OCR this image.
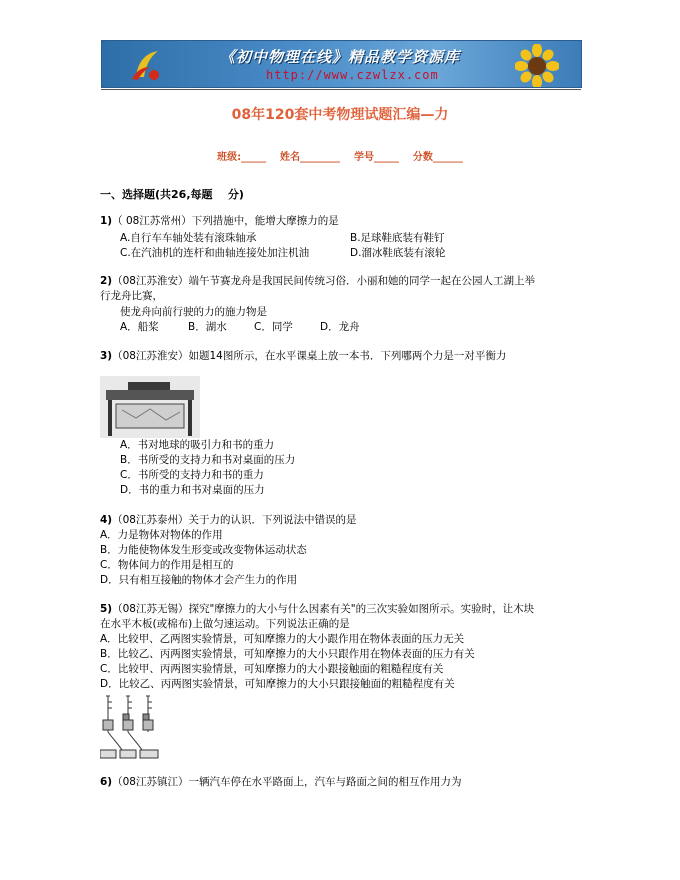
《初中物理在线》精品教学资源库
http://www.czwlzx.com
08年120套中考物理试题汇编—力
班级:_____    姓名________    学号_____    分数______
一、选择题(共26,每题    分)
1)（ 08江苏常州）下列措施中，能增大摩擦力的是
A.自行车车轴处装有滚珠轴承	B.足球鞋底装有鞋钉
C.在汽油机的连杆和曲轴连接处加注机油	D.溜冰鞋底装有滚轮
2)（08江苏淮安）端午节赛龙舟是我国民间传统习俗．小丽和她的同学一起在公园人工湖上举
行龙舟比赛，
使龙舟向前行驶的力的施力物是
A．船桨	B．湖水	C．同学	D．龙舟
3)（08江苏淮安）如题14图所示，在水平课桌上放一本书．下列哪两个力是一对平衡力
A．书对地球的吸引力和书的重力
B．书所受的支持力和书对桌面的压力
C．书所受的支持力和书的重力
D．书的重力和书对桌面的压力
4)（08江苏泰州）关于力的认识．下列说法中错误的是
A．力是物体对物体的作用
B．力能使物体发生形变或改变物体运动状态
C．物体间力的作用是相互的
D．只有相互接触的物体才会产生力的作用
5)（08江苏无锡）探究"摩擦力的大小与什么因素有关"的三次实验如图所示。实验时，让木块
在水平木板(或棉布)上做匀速运动。下列说法正确的是
A．比较甲、乙两图实验情景，可知摩擦力的大小跟作用在物体表面的压力无关
B．比较乙、丙两图实验情景，可知摩擦力的大小只跟作用在物体表面的压力有关
C．比较甲、丙两图实验情景，可知摩擦力的大小跟接触面的粗糙程度有关
D．比较乙、丙两图实验情景，可知摩擦力的大小只跟接触面的粗糙程度有关
6)（08江苏镇江）一辆汽车停在水平路面上，汽车与路面之间的相互作用力为
